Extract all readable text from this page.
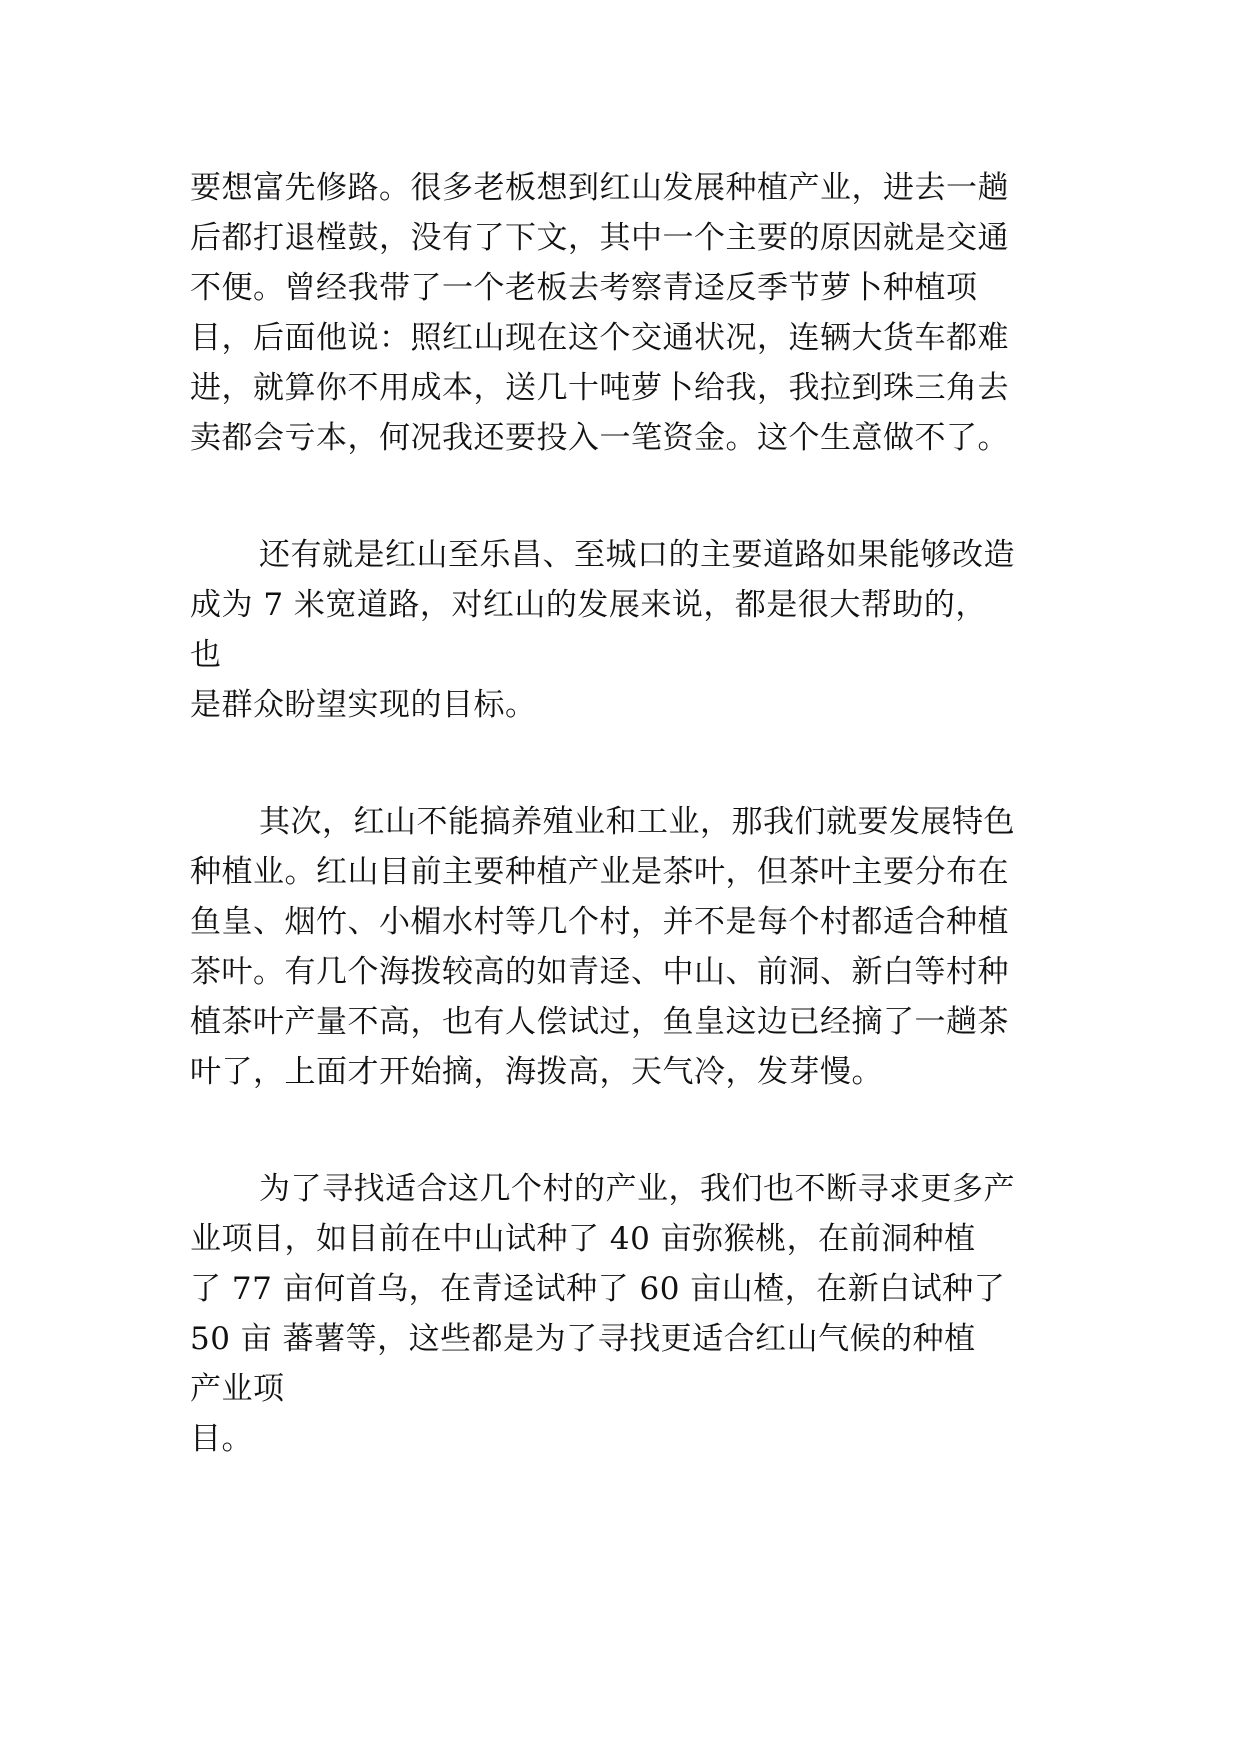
要想富先修路。很多老板想到红山发展种植产业，进去一趟
后都打退樘鼓，没有了下文，其中一个主要的原因就是交通
不便。曾经我带了一个老板去考察青迳反季节萝卜种植项
目，后面他说：照红山现在这个交通状况，连辆大货车都难
进，就算你不用成本，送几十吨萝卜给我，我拉到珠三角去
卖都会亏本，何况我还要投入一笔资金。这个生意做不了。
还有就是红山至乐昌、至城口的主要道路如果能够改造
成为 7 米宽道路，对红山的发展来说，都是很大帮助的，
也
是群众盼望实现的目标。
其次，红山不能搞养殖业和工业，那我们就要发展特色
种植业。红山目前主要种植产业是茶叶，但茶叶主要分布在
鱼皇、烟竹、小楣水村等几个村，并不是每个村都适合种植
茶叶。有几个海拨较高的如青迳、中山、前洞、新白等村种
植茶叶产量不高，也有人偿试过，鱼皇这边已经摘了一趟茶
叶了，上面才开始摘，海拨高，天气冷，发芽慢。
为了寻找适合这几个村的产业，我们也不断寻求更多产
业项目，如目前在中山试种了 40 亩弥猴桃，在前洞种植
了 77 亩何首乌，在青迳试种了 60 亩山楂，在新白试种了
50 亩 蕃薯等，这些都是为了寻找更适合红山气候的种植
产业项
目。
